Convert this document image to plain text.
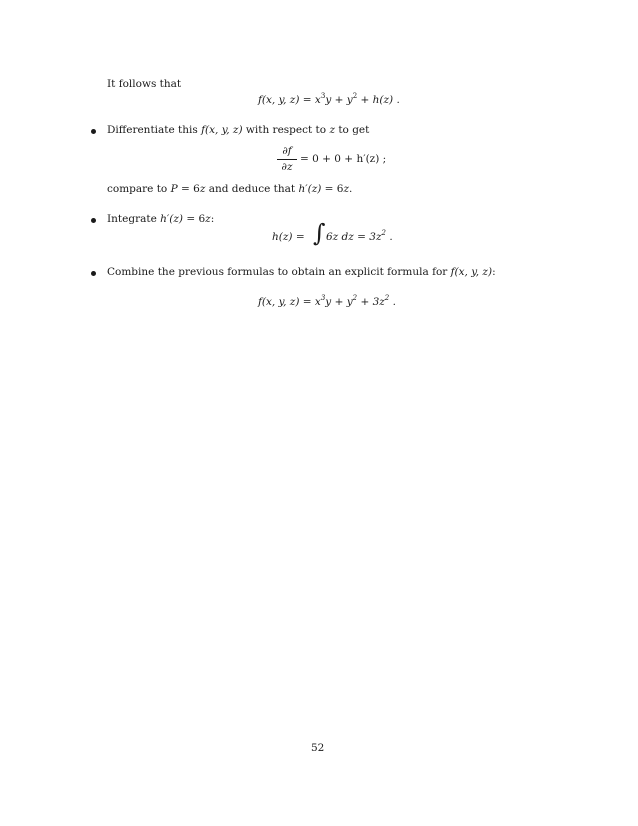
It follows that
f(x, y, $z) = x^3y + y^2 + h(z)$ .
Differentiate this f(x, y, z) with respect to z to get
∂f
∂z
= 0 + 0 + h′(z) ;
compare to P = 6z and deduce that h′(z) = 6z.
Integrate h′(z) = 6z:
h(z) = ∫ 6z dz = $3z^2$ .
Combine the previous formulas to obtain an explicit formula for f(x, y, z):
f(x, y, $z) = x^3y + y^2 + 3z^2$ .
52
